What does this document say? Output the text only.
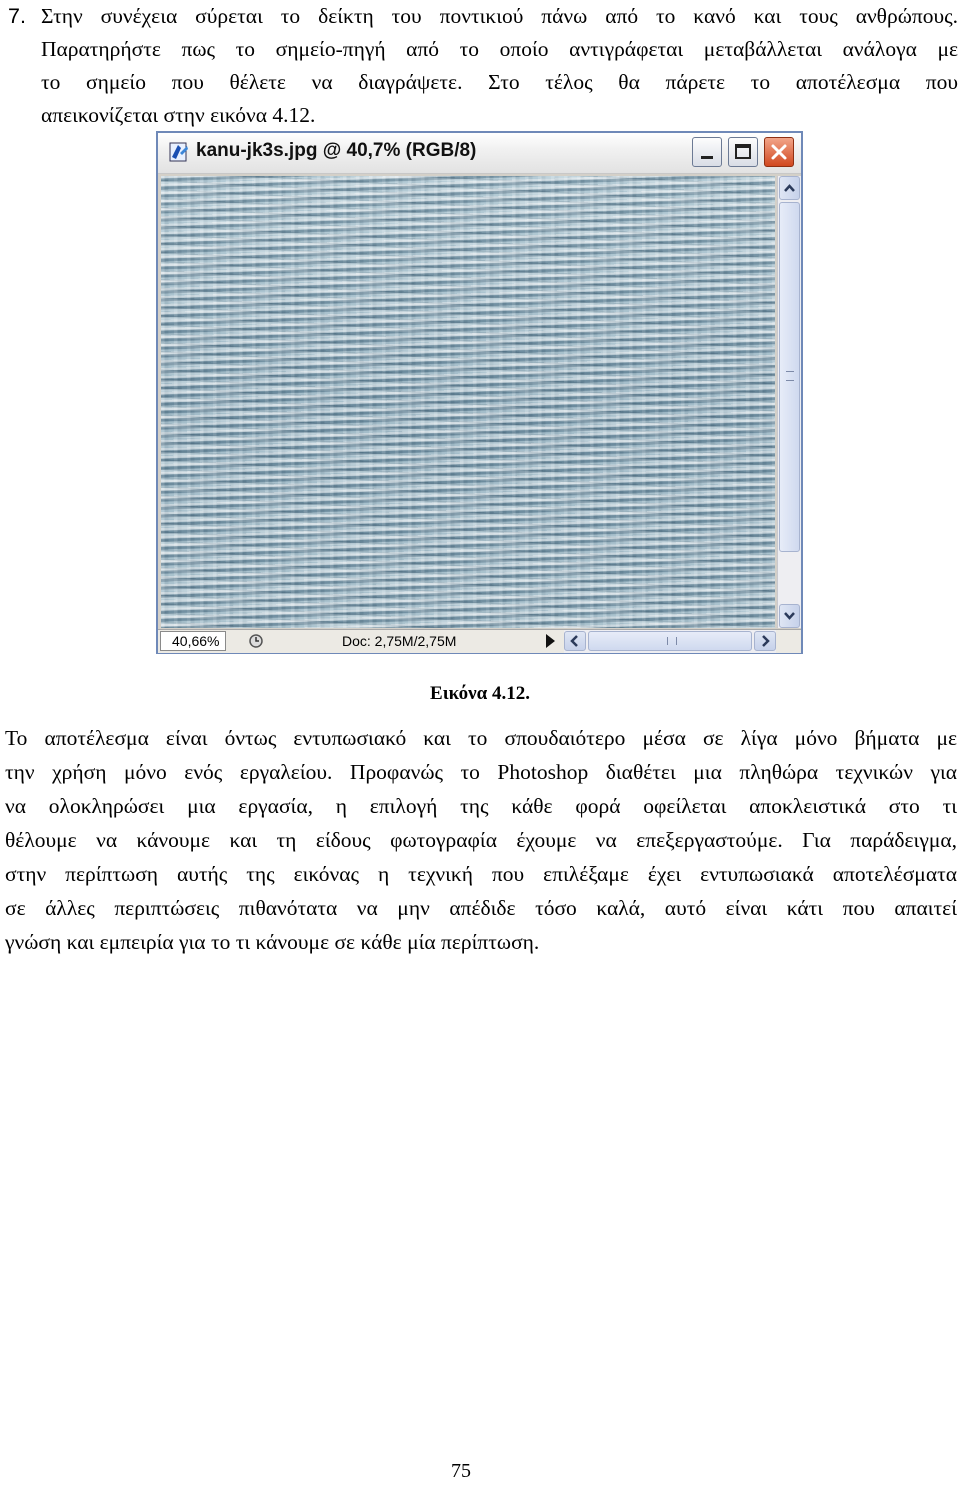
7. Στην συνέχεια σύρεται το δείκτη του ποντικιού πάνω από το κανό και τους ανθρώπους.
Παρατηρήστε πως το σημείο-πηγή από το οποίο αντιγράφεται μεταβάλλεται ανάλογα με
το σημείο που θέλετε να διαγράψετε. Στο τέλος θα πάρετε το αποτέλεσμα που
απεικονίζεται στην εικόνα 4.12.
kanu-jk3s.jpg @ 40,7% (RGB/8)
40,66%	Doc: 2,75M/2,75M
Εικόνα 4.12.
Το αποτέλεσμα είναι όντως εντυπωσιακό και το σπουδαιότερο μέσα σε λίγα μόνο βήματα με
την χρήση μόνο ενός εργαλείου. Προφανώς το Photoshop διαθέτει μια πληθώρα τεχνικών για
να ολοκληρώσει μια εργασία, η επιλογή της κάθε φορά οφείλεται αποκλειστικά στο τι
θέλουμε να κάνουμε και τη είδους φωτογραφία έχουμε να επεξεργαστούμε. Για παράδειγμα,
στην περίπτωση αυτής της εικόνας η τεχνική που επιλέξαμε έχει εντυπωσιακά αποτελέσματα
σε άλλες περιπτώσεις πιθανότατα να μην απέδιδε τόσο καλά, αυτό είναι κάτι που απαιτεί
γνώση και εμπειρία για το τι κάνουμε σε κάθε μία περίπτωση.
75
